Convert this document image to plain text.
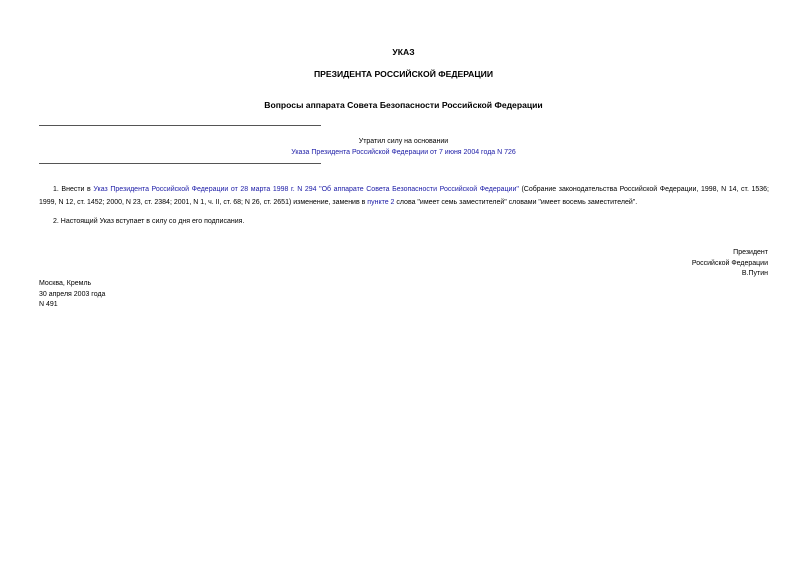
УКАЗ
ПРЕЗИДЕНТА РОССИЙСКОЙ ФЕДЕРАЦИИ
Вопросы аппарата Совета Безопасности Российской Федерации
Утратил силу на основании
Указа Президента Российской Федерации от 7 июня 2004 года N 726

1. Внести в Указ Президента Российской Федерации от 28 марта 1998 г. N 294 "Об аппарате Совета Безопасности Российской Федерации" (Собрание законодательства Российской Федерации, 1998, N 14, ст. 1536; 1999, N 12, ст. 1452; 2000, N 23, ст. 2384; 2001, N 1, ч. II, ст. 68; N 26, ст. 2651) изменение, заменив в пункте 2 слова "имеет семь заместителей" словами "имеет восемь заместителей".

2. Настоящий Указ вступает в силу со дня его подписания.

Президент
Российской Федерации
В.Путин
Москва, Кремль
30 апреля 2003 года
N 491
